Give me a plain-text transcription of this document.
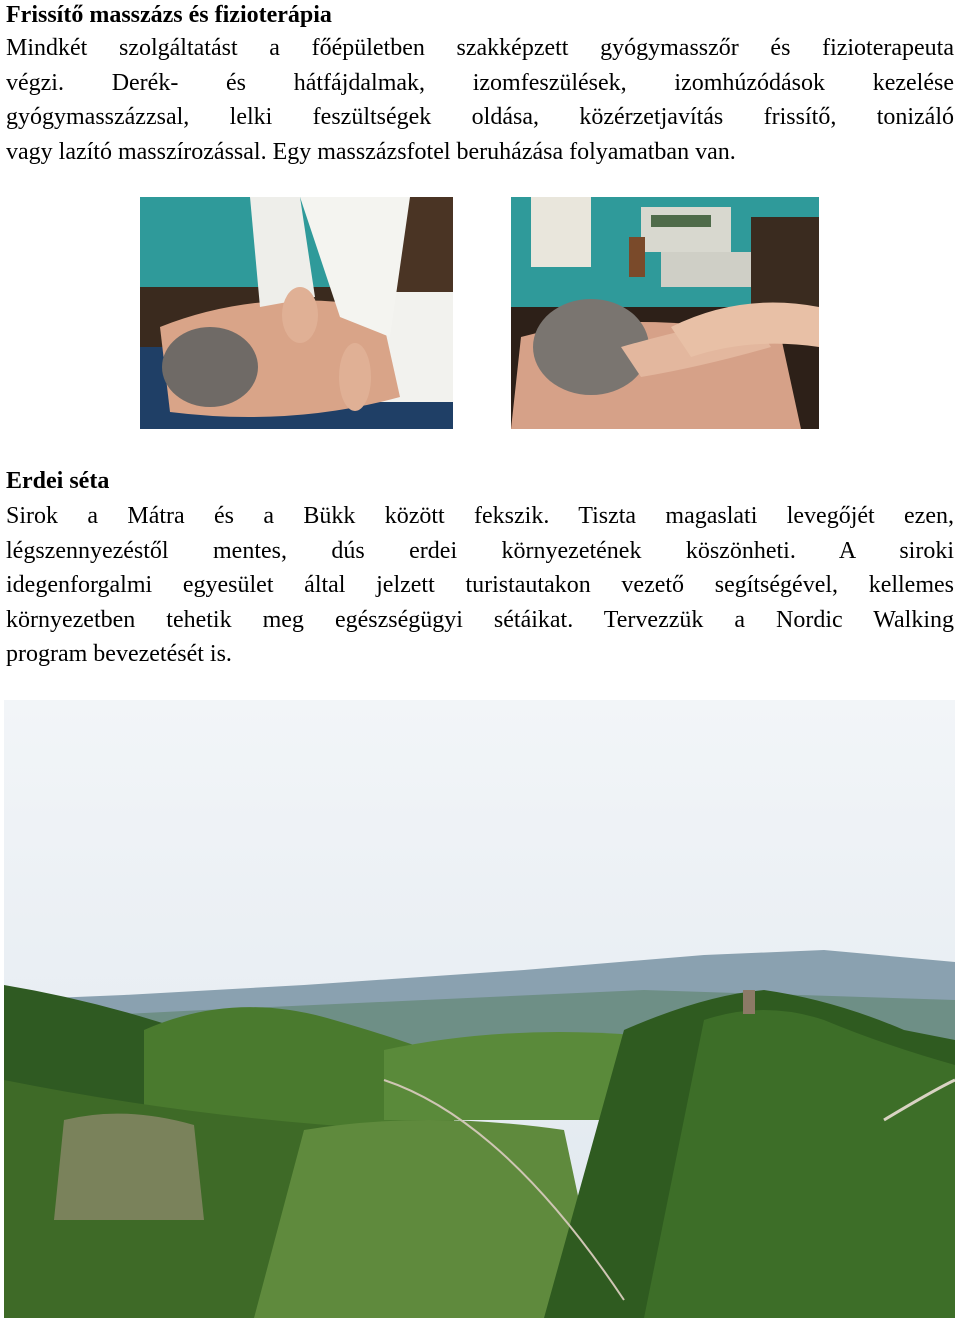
Frissítő masszázs és fizioterápia

Mindkét szolgáltatást a főépületben szakképzett gyógymasszőr és fizioterapeuta
végzi. Derék- és hátfájdalmak, izomfeszülések, izomhúzódások kezelése
gyógymasszázzsal, lelki feszültségek oldása, közérzetjavítás frissítő, tonizáló
vagy lazító masszírozással. Egy masszázsfotel beruházása folyamatban van.

Erdei séta

Sirok a Mátra és a Bükk között fekszik. Tiszta magaslati levegőjét ezen,
légszennyezéstől mentes, dús erdei környezetének köszönheti. A siroki
idegenforgalmi egyesület által jelzett turistautakon vezető segítségével, kellemes
környezetben tehetik meg egészségügyi sétáikat. Tervezzük a Nordic Walking
program bevezetését is.
